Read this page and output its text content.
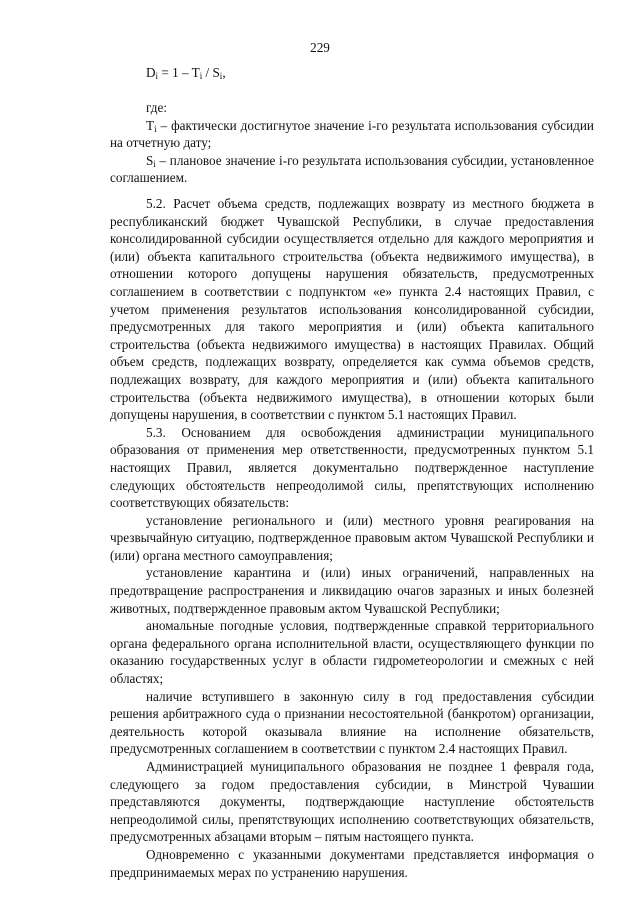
229
$D_i = 1 - T_i / S_i$,

где:

$T_i$ – фактически достигнутое значение i-го результата использования субсидии на отчетную дату;

$S_i$ – плановое значение i-го результата использования субсидии, установленное соглашением.

5.2. Расчет объема средств, подлежащих возврату из местного бюджета в республиканский бюджет Чувашской Республики, в случае предоставления консолидированной субсидии осуществляется отдельно для каждого мероприятия и (или) объекта капитального строительства (объекта недвижимого имущества), в отношении которого допущены нарушения обязательств, предусмотренных соглашением в соответствии с подпунктом «е» пункта 2.4 настоящих Правил, с учетом применения результатов использования консолидированной субсидии, предусмотренных для такого мероприятия и (или) объекта капитального строительства (объекта недвижимого имущества) в настоящих Правилах. Общий объем средств, подлежащих возврату, определяется как сумма объемов средств, подлежащих возврату, для каждого мероприятия и (или) объекта капитального строительства (объекта недвижимого имущества), в отношении которых были допущены нарушения, в соответствии с пунктом 5.1 настоящих Правил.

5.3. Основанием для освобождения администрации муниципального образования от применения мер ответственности, предусмотренных пунктом 5.1 настоящих Правил, является документально подтвержденное наступление следующих обстоятельств непреодолимой силы, препятствующих исполнению соответствующих обязательств:

установление регионального и (или) местного уровня реагирования на чрезвычайную ситуацию, подтвержденное правовым актом Чувашской Республики и (или) органа местного самоуправления;

установление карантина и (или) иных ограничений, направленных на предотвращение распространения и ликвидацию очагов заразных и иных болезней животных, подтвержденное правовым актом Чувашской Республики;

аномальные погодные условия, подтвержденные справкой территориального органа федерального органа исполнительной власти, осуществляющего функции по оказанию государственных услуг в области гидрометеорологии и смежных с ней областях;

наличие вступившего в законную силу в год предоставления субсидии решения арбитражного суда о признании несостоятельной (банкротом) организации, деятельность которой оказывала влияние на исполнение обязательств, предусмотренных соглашением в соответствии с пунктом 2.4 настоящих Правил.

Администрацией муниципального образования не позднее 1 февраля года, следующего за годом предоставления субсидии, в Минстрой Чувашии представляются документы, подтверждающие наступление обстоятельств непреодолимой силы, препятствующих исполнению соответствующих обязательств, предусмотренных абзацами вторым – пятым настоящего пункта.

Одновременно с указанными документами представляется информация о предпринимаемых мерах по устранению нарушения.
